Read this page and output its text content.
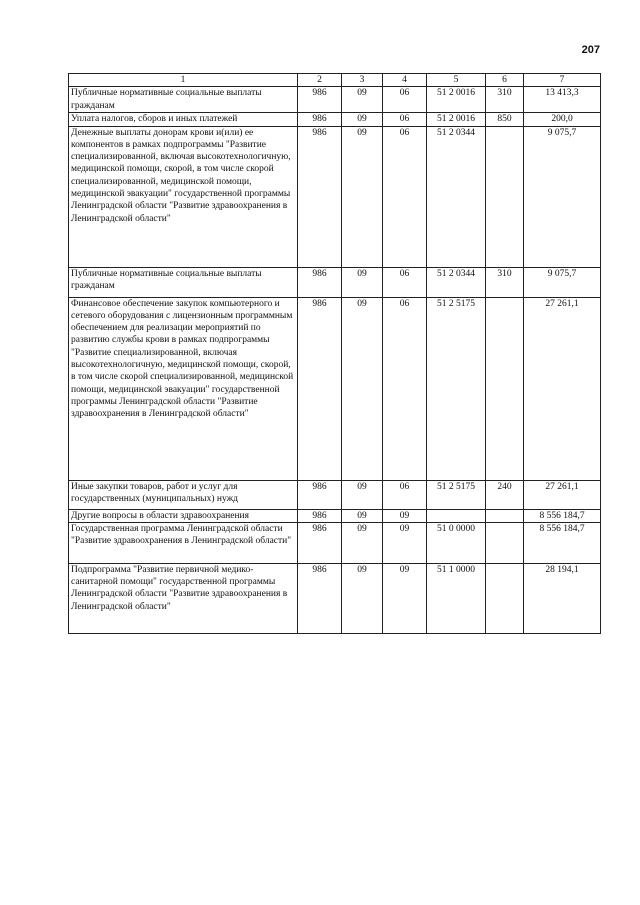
207
1	2	3	4	5	6	7
Публичные нормативные социальные выплаты гражданам	986	09	06	51 2 0016	310	13 413,3
Уплата налогов, сборов и иных платежей	986	09	06	51 2 0016	850	200,0
Денежные выплаты донорам крови и(или) ее компонентов в рамках подпрограммы "Развитие специализированной, включая высокотехнологичную, медицинской помощи, скорой, в том числе скорой специализированной, медицинской помощи, медицинской эвакуации" государственной программы Ленинградской области "Развитие здравоохранения в Ленинградской области"	986	09	06	51 2 0344		9 075,7
Публичные нормативные социальные выплаты гражданам	986	09	06	51 2 0344	310	9 075,7
Финансовое обеспечение закупок компьютерного и сетевого оборудования с лицензионным программным обеспечением для реализации мероприятий по развитию службы крови в рамках подпрограммы "Развитие специализированной, включая высокотехнологичную, медицинской помощи, скорой, в том числе скорой специализированной, медицинской помощи, медицинской эвакуации" государственной программы Ленинградской области "Развитие здравоохранения в Ленинградской области"	986	09	06	51 2 5175		27 261,1
Иные закупки товаров, работ и услуг для государственных (муниципальных) нужд	986	09	06	51 2 5175	240	27 261,1
Другие вопросы в области здравоохранения	986	09	09			8 556 184,7
Государственная программа Ленинградской области "Развитие здравоохранения в Ленинградской области"	986	09	09	51 0 0000		8 556 184,7
Подпрограмма "Развитие первичной медико-санитарной помощи" государственной программы Ленинградской области "Развитие здравоохранения в Ленинградской области"	986	09	09	51 1 0000		28 194,1
